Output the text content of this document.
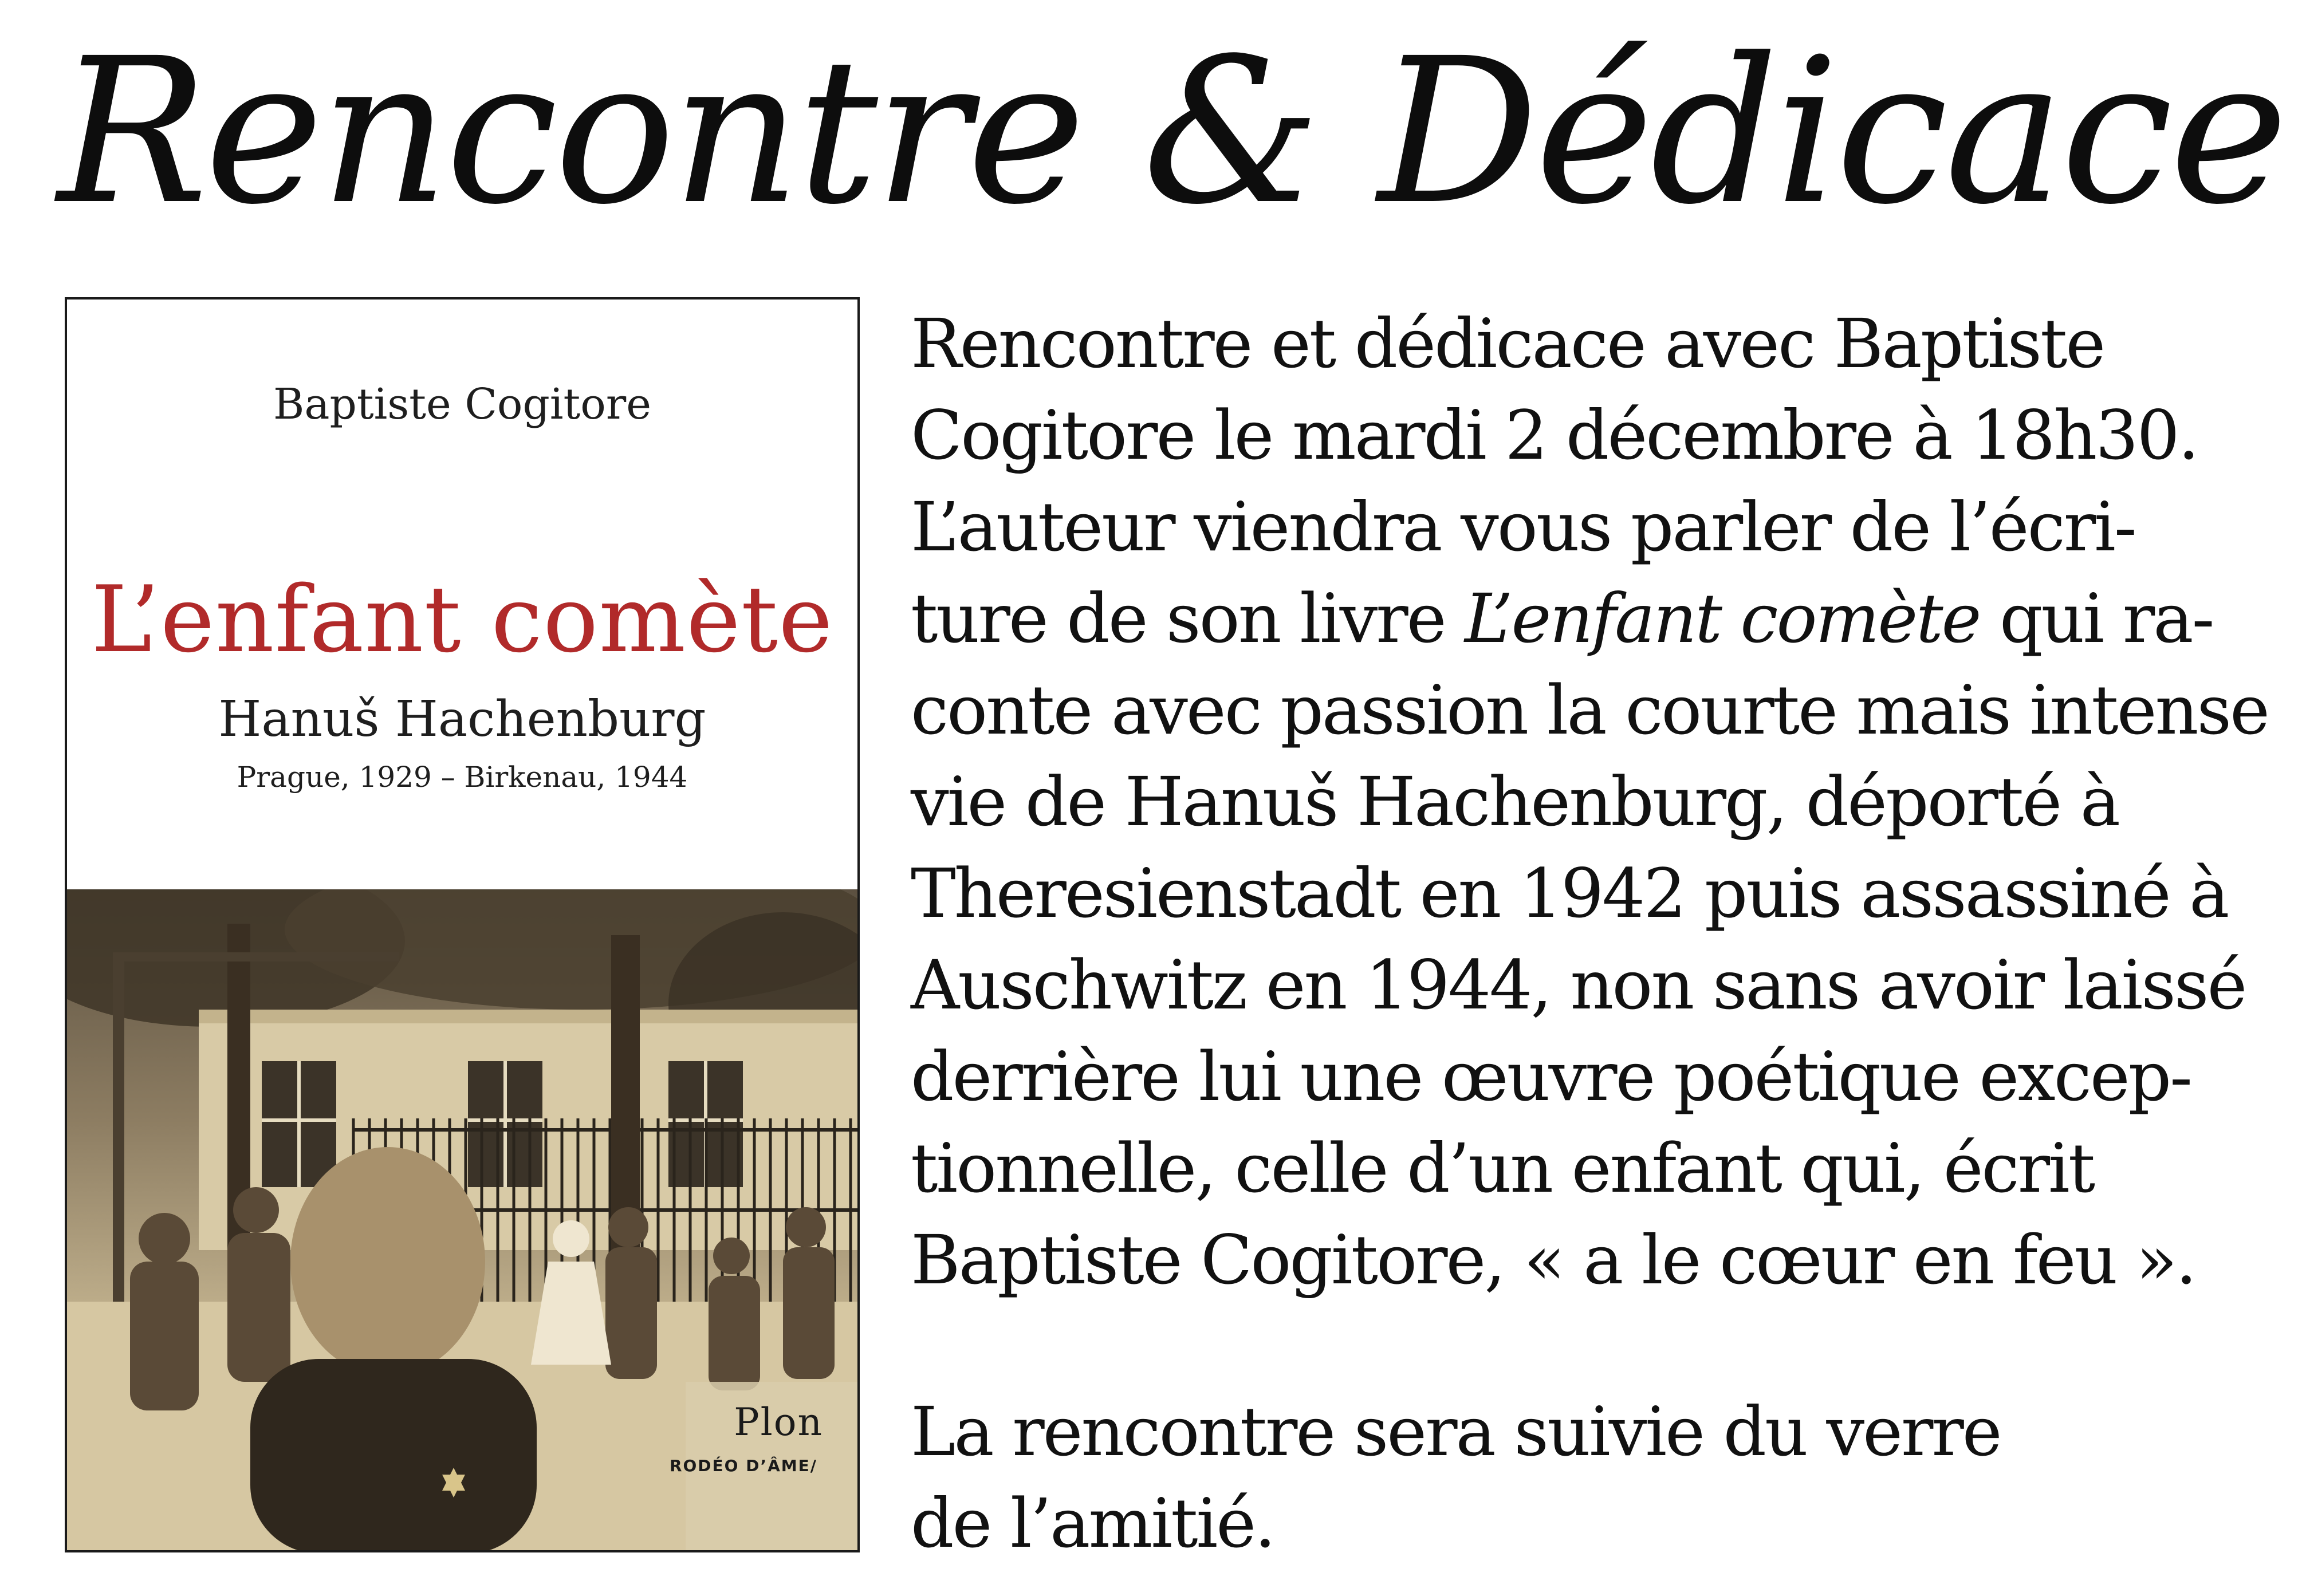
Rencontre & Dédicace
Baptiste Cogitore
L’enfant comète
Hanuš Hachenburg
Prague, 1929 – Birkenau, 1944
Plon
RODÉO D’ÂME/
Rencontre et dédicace avec Baptiste
Cogitore le mardi 2 décembre à 18h30.
L’auteur viendra vous parler de l’écri-
ture de son livre L’enfant comète qui ra-
conte avec passion la courte mais intense
vie de Hanuš Hachenburg, déporté à
Theresienstadt en 1942 puis assassiné à
Auschwitz en 1944, non sans avoir laissé
derrière lui une œuvre poétique excep-
tionnelle, celle d’un enfant qui, écrit
Baptiste Cogitore, « a le cœur en feu ».
La rencontre sera suivie du verre
de l’amitié.
